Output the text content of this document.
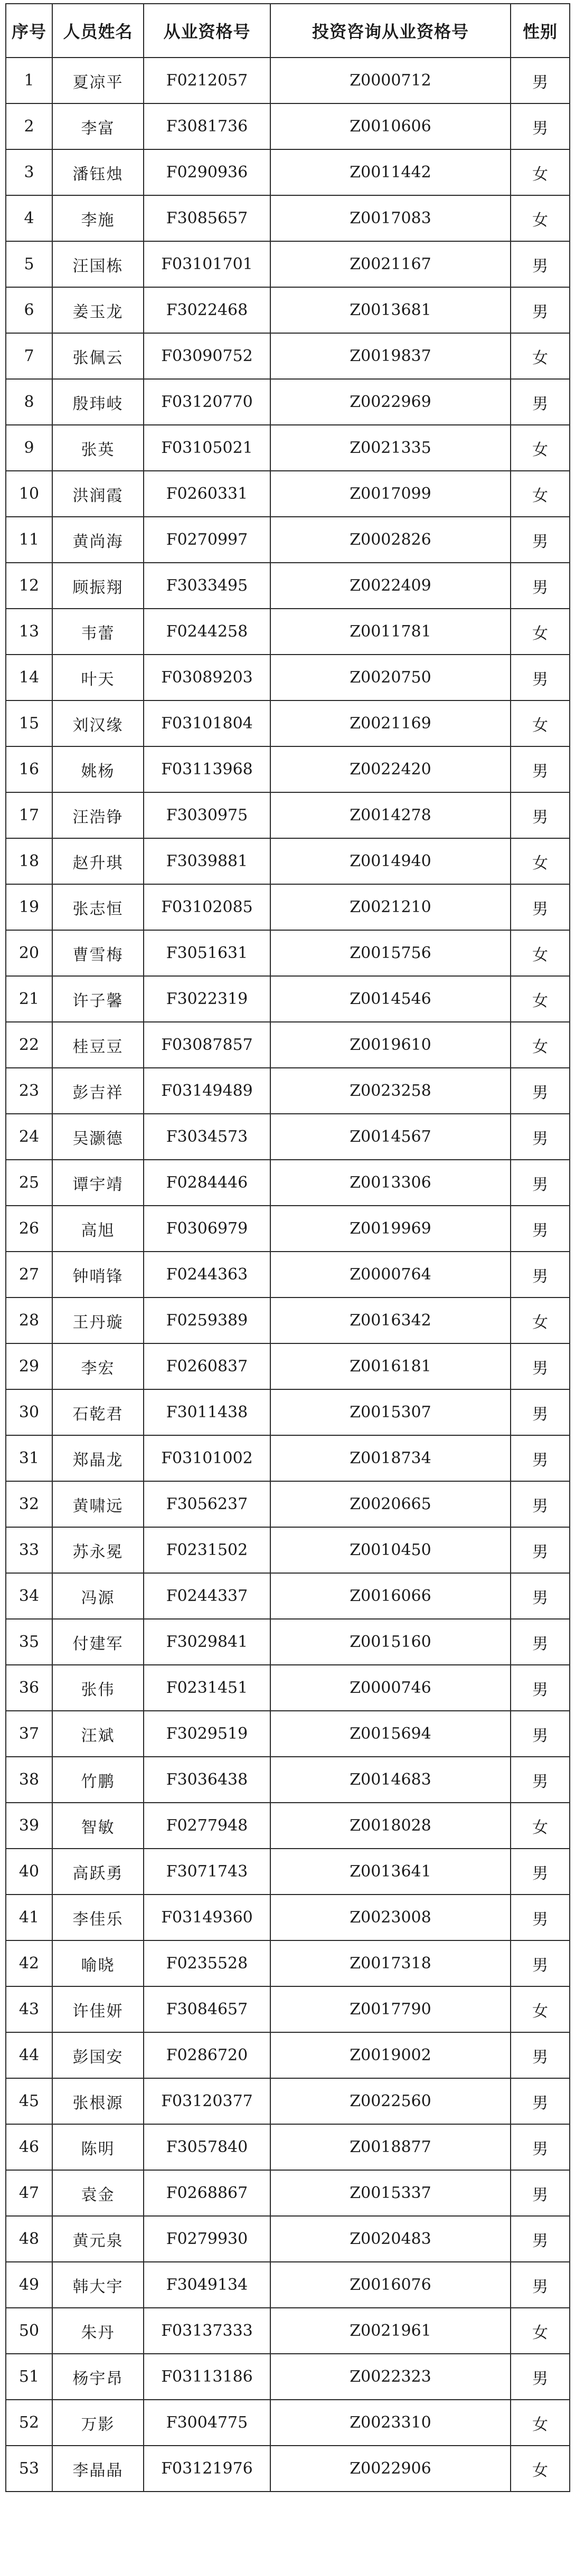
序号	人员姓名	从业资格号	投资咨询从业资格号	性别
1	夏凉平	F0212057	Z0000712	男
2	李富	F3081736	Z0010606	男
3	潘钰烛	F0290936	Z0011442	女
4	李施	F3085657	Z0017083	女
5	汪国栋	F03101701	Z0021167	男
6	姜玉龙	F3022468	Z0013681	男
7	张佩云	F03090752	Z0019837	女
8	殷玮岐	F03120770	Z0022969	男
9	张英	F03105021	Z0021335	女
10	洪润霞	F0260331	Z0017099	女
11	黄尚海	F0270997	Z0002826	男
12	顾振翔	F3033495	Z0022409	男
13	韦蕾	F0244258	Z0011781	女
14	叶天	F03089203	Z0020750	男
15	刘汉缘	F03101804	Z0021169	女
16	姚杨	F03113968	Z0022420	男
17	汪浩铮	F3030975	Z0014278	男
18	赵升琪	F3039881	Z0014940	女
19	张志恒	F03102085	Z0021210	男
20	曹雪梅	F3051631	Z0015756	女
21	许子馨	F3022319	Z0014546	女
22	桂豆豆	F03087857	Z0019610	女
23	彭吉祥	F03149489	Z0023258	男
24	吴灏德	F3034573	Z0014567	男
25	谭宇靖	F0284446	Z0013306	男
26	高旭	F0306979	Z0019969	男
27	钟哨锋	F0244363	Z0000764	男
28	王丹璇	F0259389	Z0016342	女
29	李宏	F0260837	Z0016181	男
30	石乾君	F3011438	Z0015307	男
31	郑晶龙	F03101002	Z0018734	男
32	黄啸远	F3056237	Z0020665	男
33	苏永冕	F0231502	Z0010450	男
34	冯源	F0244337	Z0016066	男
35	付建军	F3029841	Z0015160	男
36	张伟	F0231451	Z0000746	男
37	汪斌	F3029519	Z0015694	男
38	竹鹏	F3036438	Z0014683	男
39	智敏	F0277948	Z0018028	女
40	高跃勇	F3071743	Z0013641	男
41	李佳乐	F03149360	Z0023008	男
42	喻晓	F0235528	Z0017318	男
43	许佳妍	F3084657	Z0017790	女
44	彭国安	F0286720	Z0019002	男
45	张根源	F03120377	Z0022560	男
46	陈明	F3057840	Z0018877	男
47	袁金	F0268867	Z0015337	男
48	黄元泉	F0279930	Z0020483	男
49	韩大宇	F3049134	Z0016076	男
50	朱丹	F03137333	Z0021961	女
51	杨宇昂	F03113186	Z0022323	男
52	万影	F3004775	Z0023310	女
53	李晶晶	F03121976	Z0022906	女
